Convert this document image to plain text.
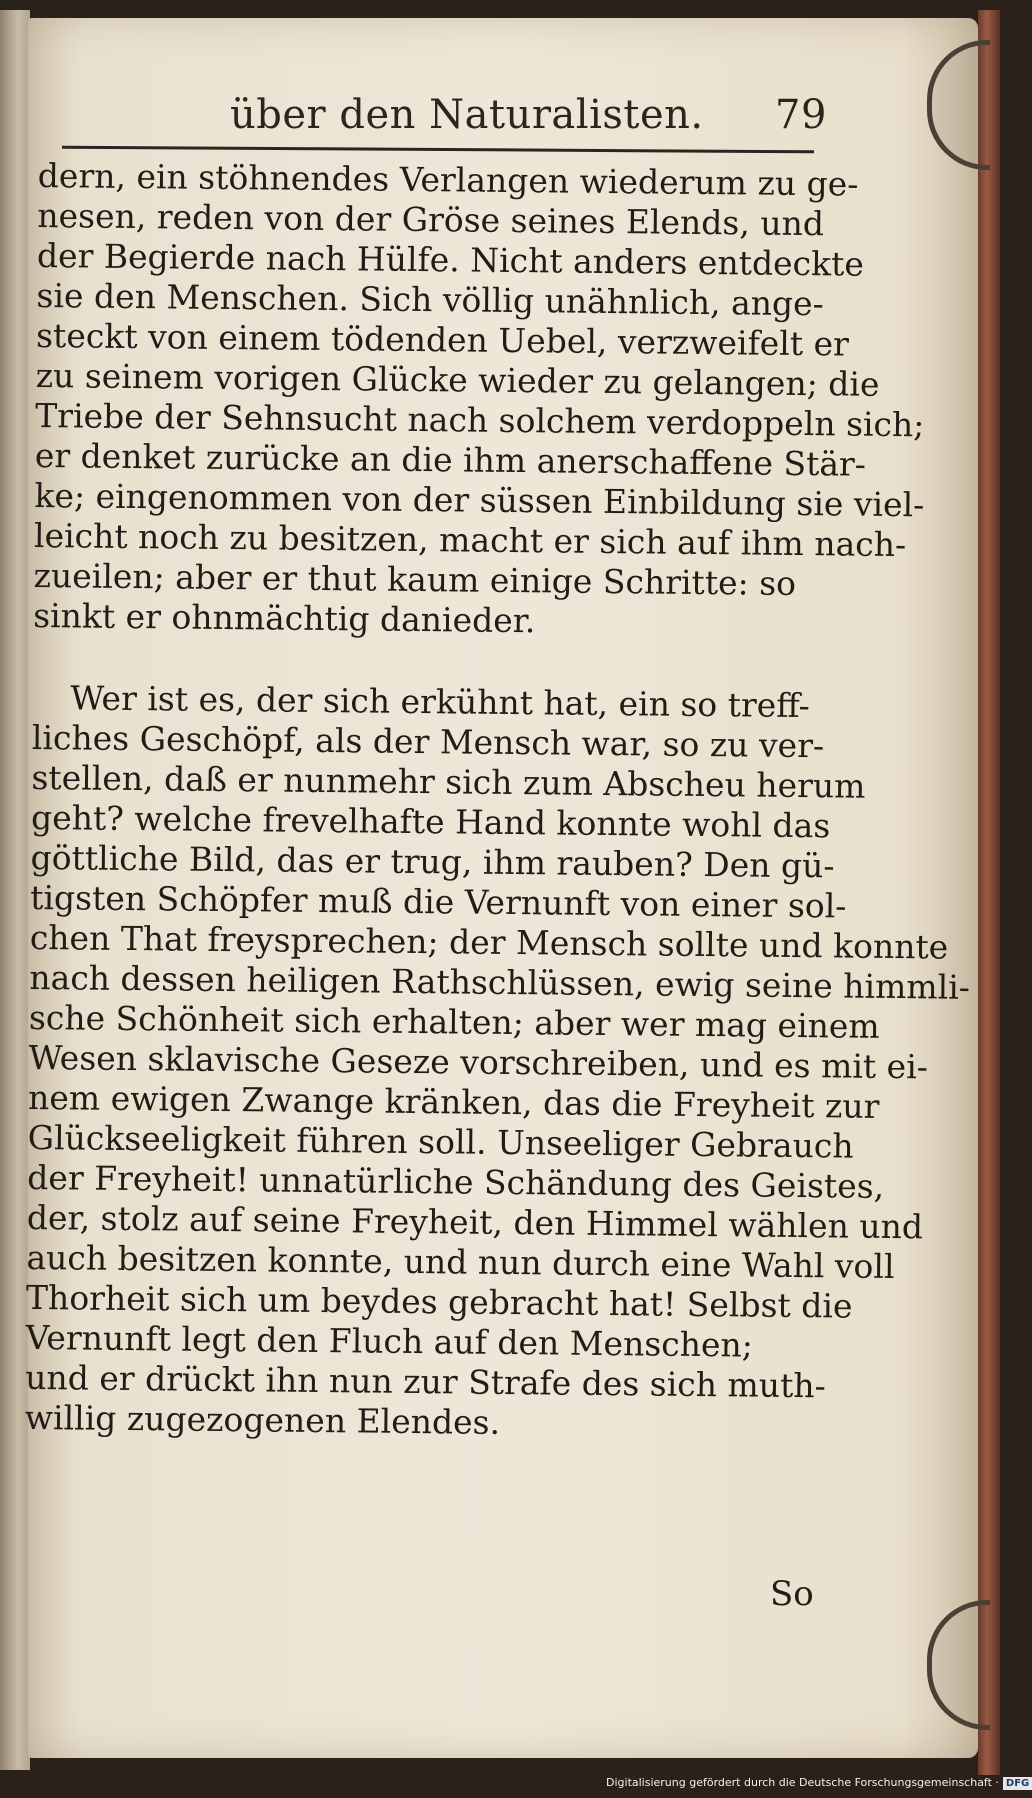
über den Naturalisten. 79
dern, ein stöhnendes Verlangen wiederum zu ge-
nesen, reden von der Gröse seines Elends, und
der Begierde nach Hülfe. Nicht anders entdeckte
sie den Menschen. Sich völlig unähnlich, ange-
steckt von einem tödenden Uebel, verzweifelt er
zu seinem vorigen Glücke wieder zu gelangen; die
Triebe der Sehnsucht nach solchem verdoppeln sich;
er denket zurücke an die ihm anerschaffene Stär-
ke; eingenommen von der süssen Einbildung sie viel-
leicht noch zu besitzen, macht er sich auf ihm nach-
zueilen; aber er thut kaum einige Schritte: so
sinkt er ohnmächtig danieder.
Wer ist es, der sich erkühnt hat, ein so treff-
liches Geschöpf, als der Mensch war, so zu ver-
stellen, daß er nunmehr sich zum Abscheu herum
geht? welche frevelhafte Hand konnte wohl das
göttliche Bild, das er trug, ihm rauben? Den gü-
tigsten Schöpfer muß die Vernunft von einer sol-
chen That freysprechen; der Mensch sollte und konnte
nach dessen heiligen Rathschlüssen, ewig seine himmli-
sche Schönheit sich erhalten; aber wer mag einem
Wesen sklavische Geseze vorschreiben, und es mit ei-
nem ewigen Zwange kränken, das die Freyheit zur
Glückseeligkeit führen soll. Unseeliger Gebrauch
der Freyheit! unnatürliche Schändung des Geistes,
der, stolz auf seine Freyheit, den Himmel wählen und
auch besitzen konnte, und nun durch eine Wahl voll
Thorheit sich um beydes gebracht hat! Selbst die
Vernunft legt den Fluch auf den Menschen;
und er drückt ihn nun zur Strafe des sich muth-
willig zugezogenen Elendes.
So
Digitalisierung gefördert durch die Deutsche Forschungsgemeinschaft · DFG
